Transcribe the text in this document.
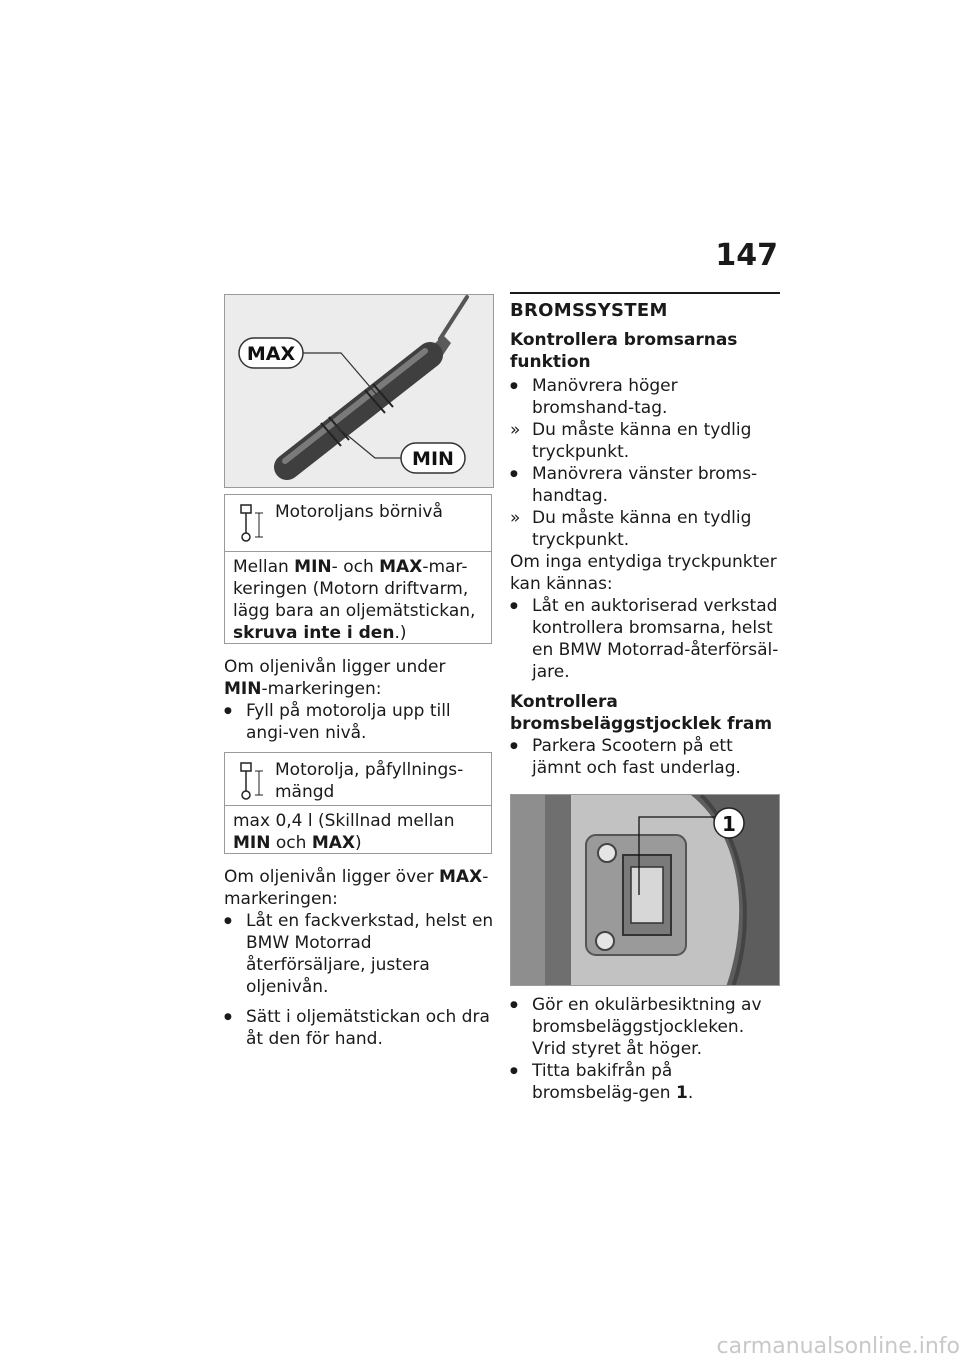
147
MAX
MIN
Motoroljans börnivå
Mellan MIN- och MAX-mar-keringen (Motorn driftvarm, lägg bara an oljemätstickan, skruva inte i den.)
Om oljenivån ligger under MIN-markeringen:
● Fyll på motorolja upp till angi-ven nivå.
Motorolja, påfyllnings-mängd
max 0,4 l (Skillnad mellan MIN och MAX)
Om oljenivån ligger över MAX-markeringen:
● Låt en fackverkstad, helst en BMW Motorrad återförsäljare, justera oljenivån.
● Sätt i oljemätstickan och dra åt den för hand.
BROMSSYSTEM
Kontrollera bromsarnas funktion
● Manövrera höger bromshand-tag.
» Du måste känna en tydlig tryckpunkt.
● Manövrera vänster broms-handtag.
» Du måste känna en tydlig tryckpunkt.
Om inga entydiga tryckpunkter kan kännas:
● Låt en auktoriserad verkstad kontrollera bromsarna, helst en BMW Motorrad-återförsäl-jare.
Kontrollera bromsbeläggstjocklek fram
● Parkera Scootern på ett jämnt och fast underlag.
1
● Gör en okulärbesiktning av bromsbeläggstjockleken. Vrid styret åt höger.
● Titta bakifrån på bromsbeläg-gen 1.
carmanualsonline.info
